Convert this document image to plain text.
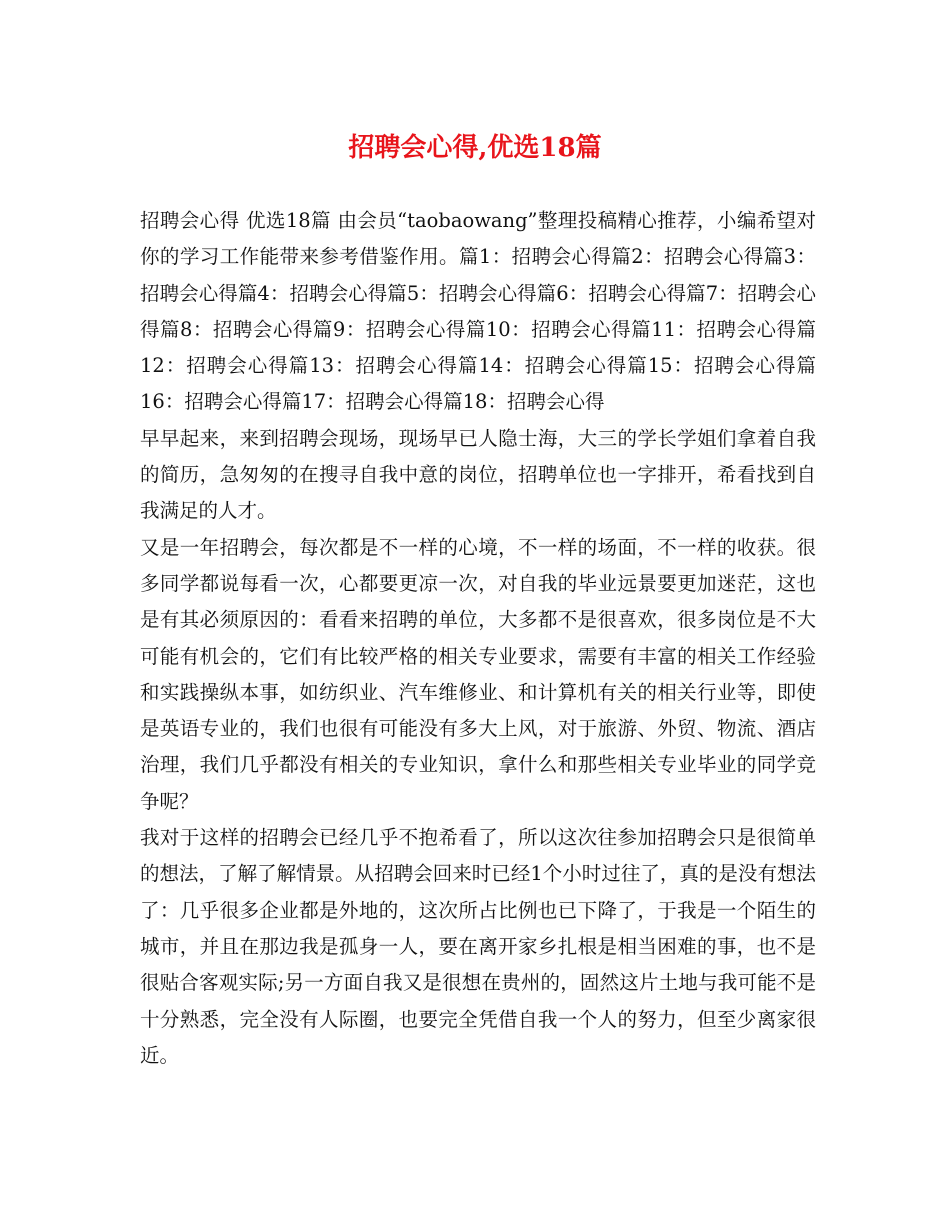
招聘会心得,优选18篇

招聘会心得 优选18篇 由会员“taobaowang”整理投稿精心推荐，小编希望对你的学习工作能带来参考借鉴作用。篇1：招聘会心得篇2：招聘会心得篇3：招聘会心得篇4：招聘会心得篇5：招聘会心得篇6：招聘会心得篇7：招聘会心得篇8：招聘会心得篇9：招聘会心得篇10：招聘会心得篇11：招聘会心得篇12：招聘会心得篇13：招聘会心得篇14：招聘会心得篇15：招聘会心得篇16：招聘会心得篇17：招聘会心得篇18：招聘会心得

早早起来，来到招聘会现场，现场早已人隐士海，大三的学长学姐们拿着自我的简历，急匆匆的在搜寻自我中意的岗位，招聘单位也一字排开，希看找到自我满足的人才。

又是一年招聘会，每次都是不一样的心境，不一样的场面，不一样的收获。很多同学都说每看一次，心都要更凉一次，对自我的毕业远景要更加迷茫，这也是有其必须原因的：看看来招聘的单位，大多都不是很喜欢，很多岗位是不大可能有机会的，它们有比较严格的相关专业要求，需要有丰富的相关工作经验和实践操纵本事，如纺织业、汽车维修业、和计算机有关的相关行业等，即使是英语专业的，我们也很有可能没有多大上风，对于旅游、外贸、物流、酒店治理，我们几乎都没有相关的专业知识，拿什么和那些相关专业毕业的同学竞争呢？

我对于这样的招聘会已经几乎不抱希看了，所以这次往参加招聘会只是很简单的想法，了解了解情景。从招聘会回来时已经1个小时过往了，真的是没有想法了：几乎很多企业都是外地的，这次所占比例也已下降了，于我是一个陌生的城市，并且在那边我是孤身一人，要在离开家乡扎根是相当困难的事，也不是很贴合客观实际;另一方面自我又是很想在贵州的，固然这片土地与我可能不是十分熟悉，完全没有人际圈，也要完全凭借自我一个人的努力，但至少离家很近。
